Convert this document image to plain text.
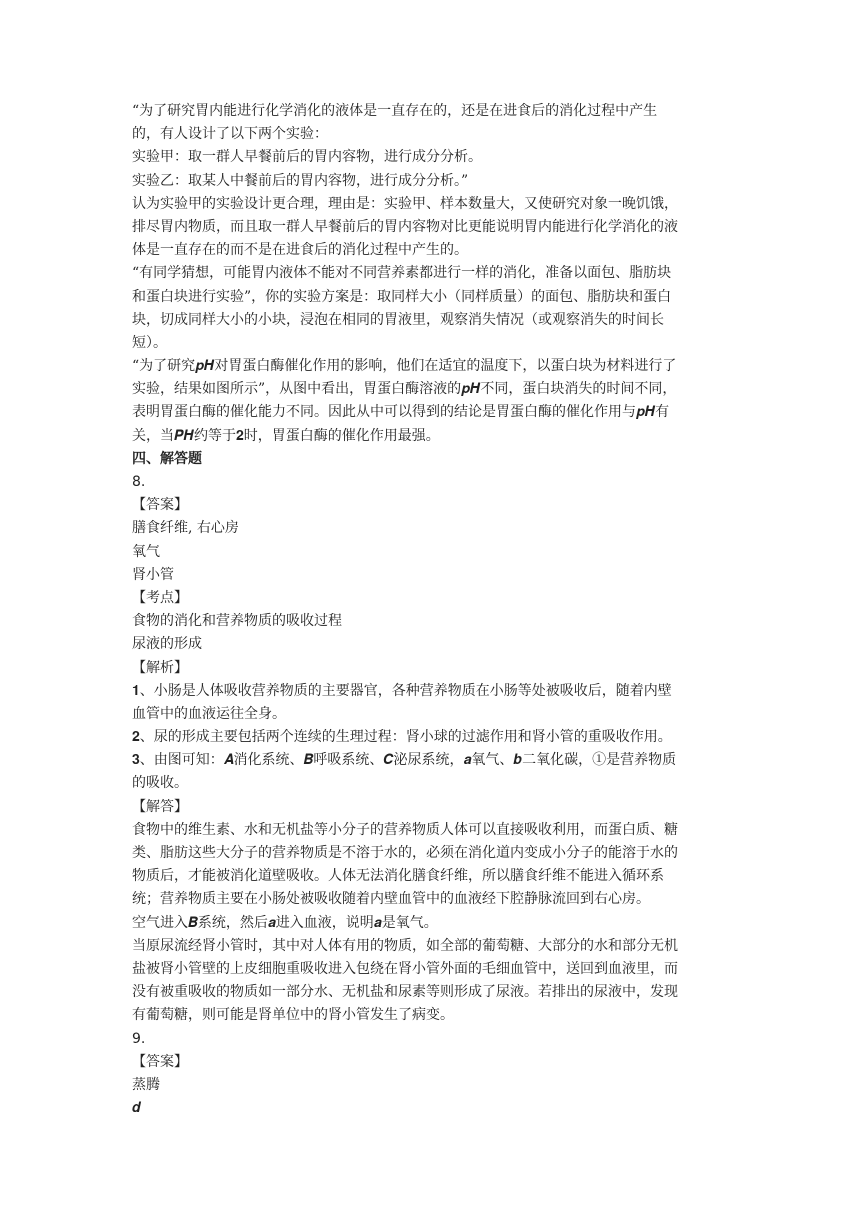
“为了研究胃内能进行化学消化的液体是一直存在的，还是在进食后的消化过程中产生
的，有人设计了以下两个实验：
实验甲：取一群人早餐前后的胃内容物，进行成分分析。
实验乙：取某人中餐前后的胃内容物，进行成分分析。”
认为实验甲的实验设计更合理，理由是：实验甲、样本数量大，又使研究对象一晚饥饿，
排尽胃内物质，而且取一群人早餐前后的胃内容物对比更能说明胃内能进行化学消化的液
体是一直存在的而不是在进食后的消化过程中产生的。
“有同学猜想，可能胃内液体不能对不同营养素都进行一样的消化，准备以面包、脂肪块
和蛋白块进行实验”，你的实验方案是：取同样大小（同样质量）的面包、脂肪块和蛋白
块，切成同样大小的小块，浸泡在相同的胃液里，观察消失情况（或观察消失的时间长
短）。
“为了研究𝒑𝑯对胃蛋白酶催化作用的影响，他们在适宜的温度下，以蛋白块为材料进行了
实验，结果如图所示”，从图中看出，胃蛋白酶溶液的𝒑𝑯不同，蛋白块消失的时间不同，
表明胃蛋白酶的催化能力不同。因此从中可以得到的结论是胃蛋白酶的催化作用与𝒑𝑯有
关，当𝑷𝑯约等于𝟐时，胃蛋白酶的催化作用最强。
四、解答题
8.
【答案】
膳食纤维, 右心房
氧气
肾小管
【考点】
食物的消化和营养物质的吸收过程
尿液的形成
【解析】
𝟏、小肠是人体吸收营养物质的主要器官，各种营养物质在小肠等处被吸收后，随着内壁
血管中的血液运往全身。
𝟐、尿的形成主要包括两个连续的生理过程：肾小球的过滤作用和肾小管的重吸收作用。
𝟑、由图可知：𝑨消化系统、𝑩呼吸系统、𝑪泌尿系统，𝒂氧气、𝒃二氧化碳，①是营养物质
的吸收。
【解答】
食物中的维生素、水和无机盐等小分子的营养物质人体可以直接吸收利用，而蛋白质、糖
类、脂肪这些大分子的营养物质是不溶于水的，必须在消化道内变成小分子的能溶于水的
物质后，才能被消化道壁吸收。人体无法消化膳食纤维，所以膳食纤维不能进入循环系
统；营养物质主要在小肠处被吸收随着内壁血管中的血液经下腔静脉流回到右心房。
空气进入𝑩系统，然后𝒂进入血液，说明𝒂是氧气。
当原尿流经肾小管时，其中对人体有用的物质，如全部的葡萄糖、大部分的水和部分无机
盐被肾小管壁的上皮细胞重吸收进入包绕在肾小管外面的毛细血管中，送回到血液里，而
没有被重吸收的物质如一部分水、无机盐和尿素等则形成了尿液。若排出的尿液中，发现
有葡萄糖，则可能是肾单位中的肾小管发生了病变。
9.
【答案】
蒸腾
𝒅
